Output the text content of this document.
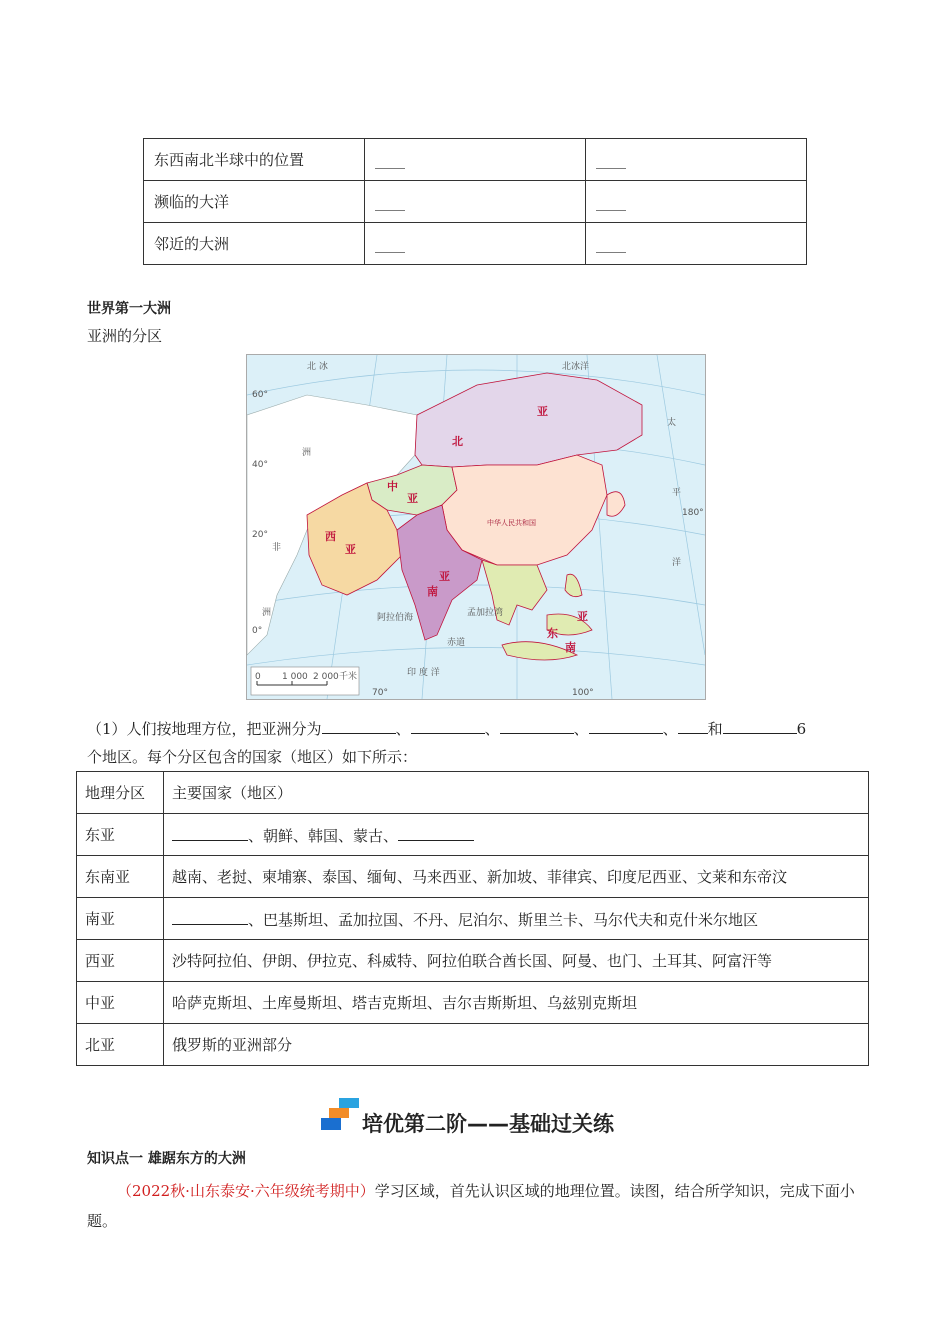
东西南北半球中的位置	____	____
濒临的大洋	____	____
邻近的大洲	____	____
世界第一大洲
亚洲的分区
北 冰	北冰洋
太
平
洋
北
亚
中
亚
西
亚
南
亚
东
南
亚
中华人民共和国
洲
非
洲	阿拉伯海
印 度 洋
孟加拉湾
60°
40°
20°
0°
70°	100°
180°
赤道
0 1 000 2 000 千米
（1）人们按地理方位，把亚洲分为	、	、	、	、 和	6
个地区。每个分区包含的国家（地区）如下所示：
地理分区	主要国家（地区）
东亚	、朝鲜、韩国、蒙古、
东南亚	越南、老挝、柬埔寨、泰国、缅甸、马来西亚、新加坡、菲律宾、印度尼西亚、文莱和东帝汶
南亚	、巴基斯坦、孟加拉国、不丹、尼泊尔、斯里兰卡、马尔代夫和克什米尔地区
西亚	沙特阿拉伯、伊朗、伊拉克、科威特、阿拉伯联合酋长国、阿曼、也门、土耳其、阿富汗等
中亚	哈萨克斯坦、土库曼斯坦、塔吉克斯坦、吉尔吉斯斯坦、乌兹别克斯坦
北亚	俄罗斯的亚洲部分
培优第二阶——基础过关练
知识点一 雄踞东方的大洲
（2022秋·山东泰安·六年级统考期中）学习区域，首先认识区域的地理位置。读图，结合所学知识，完成下面小题。
